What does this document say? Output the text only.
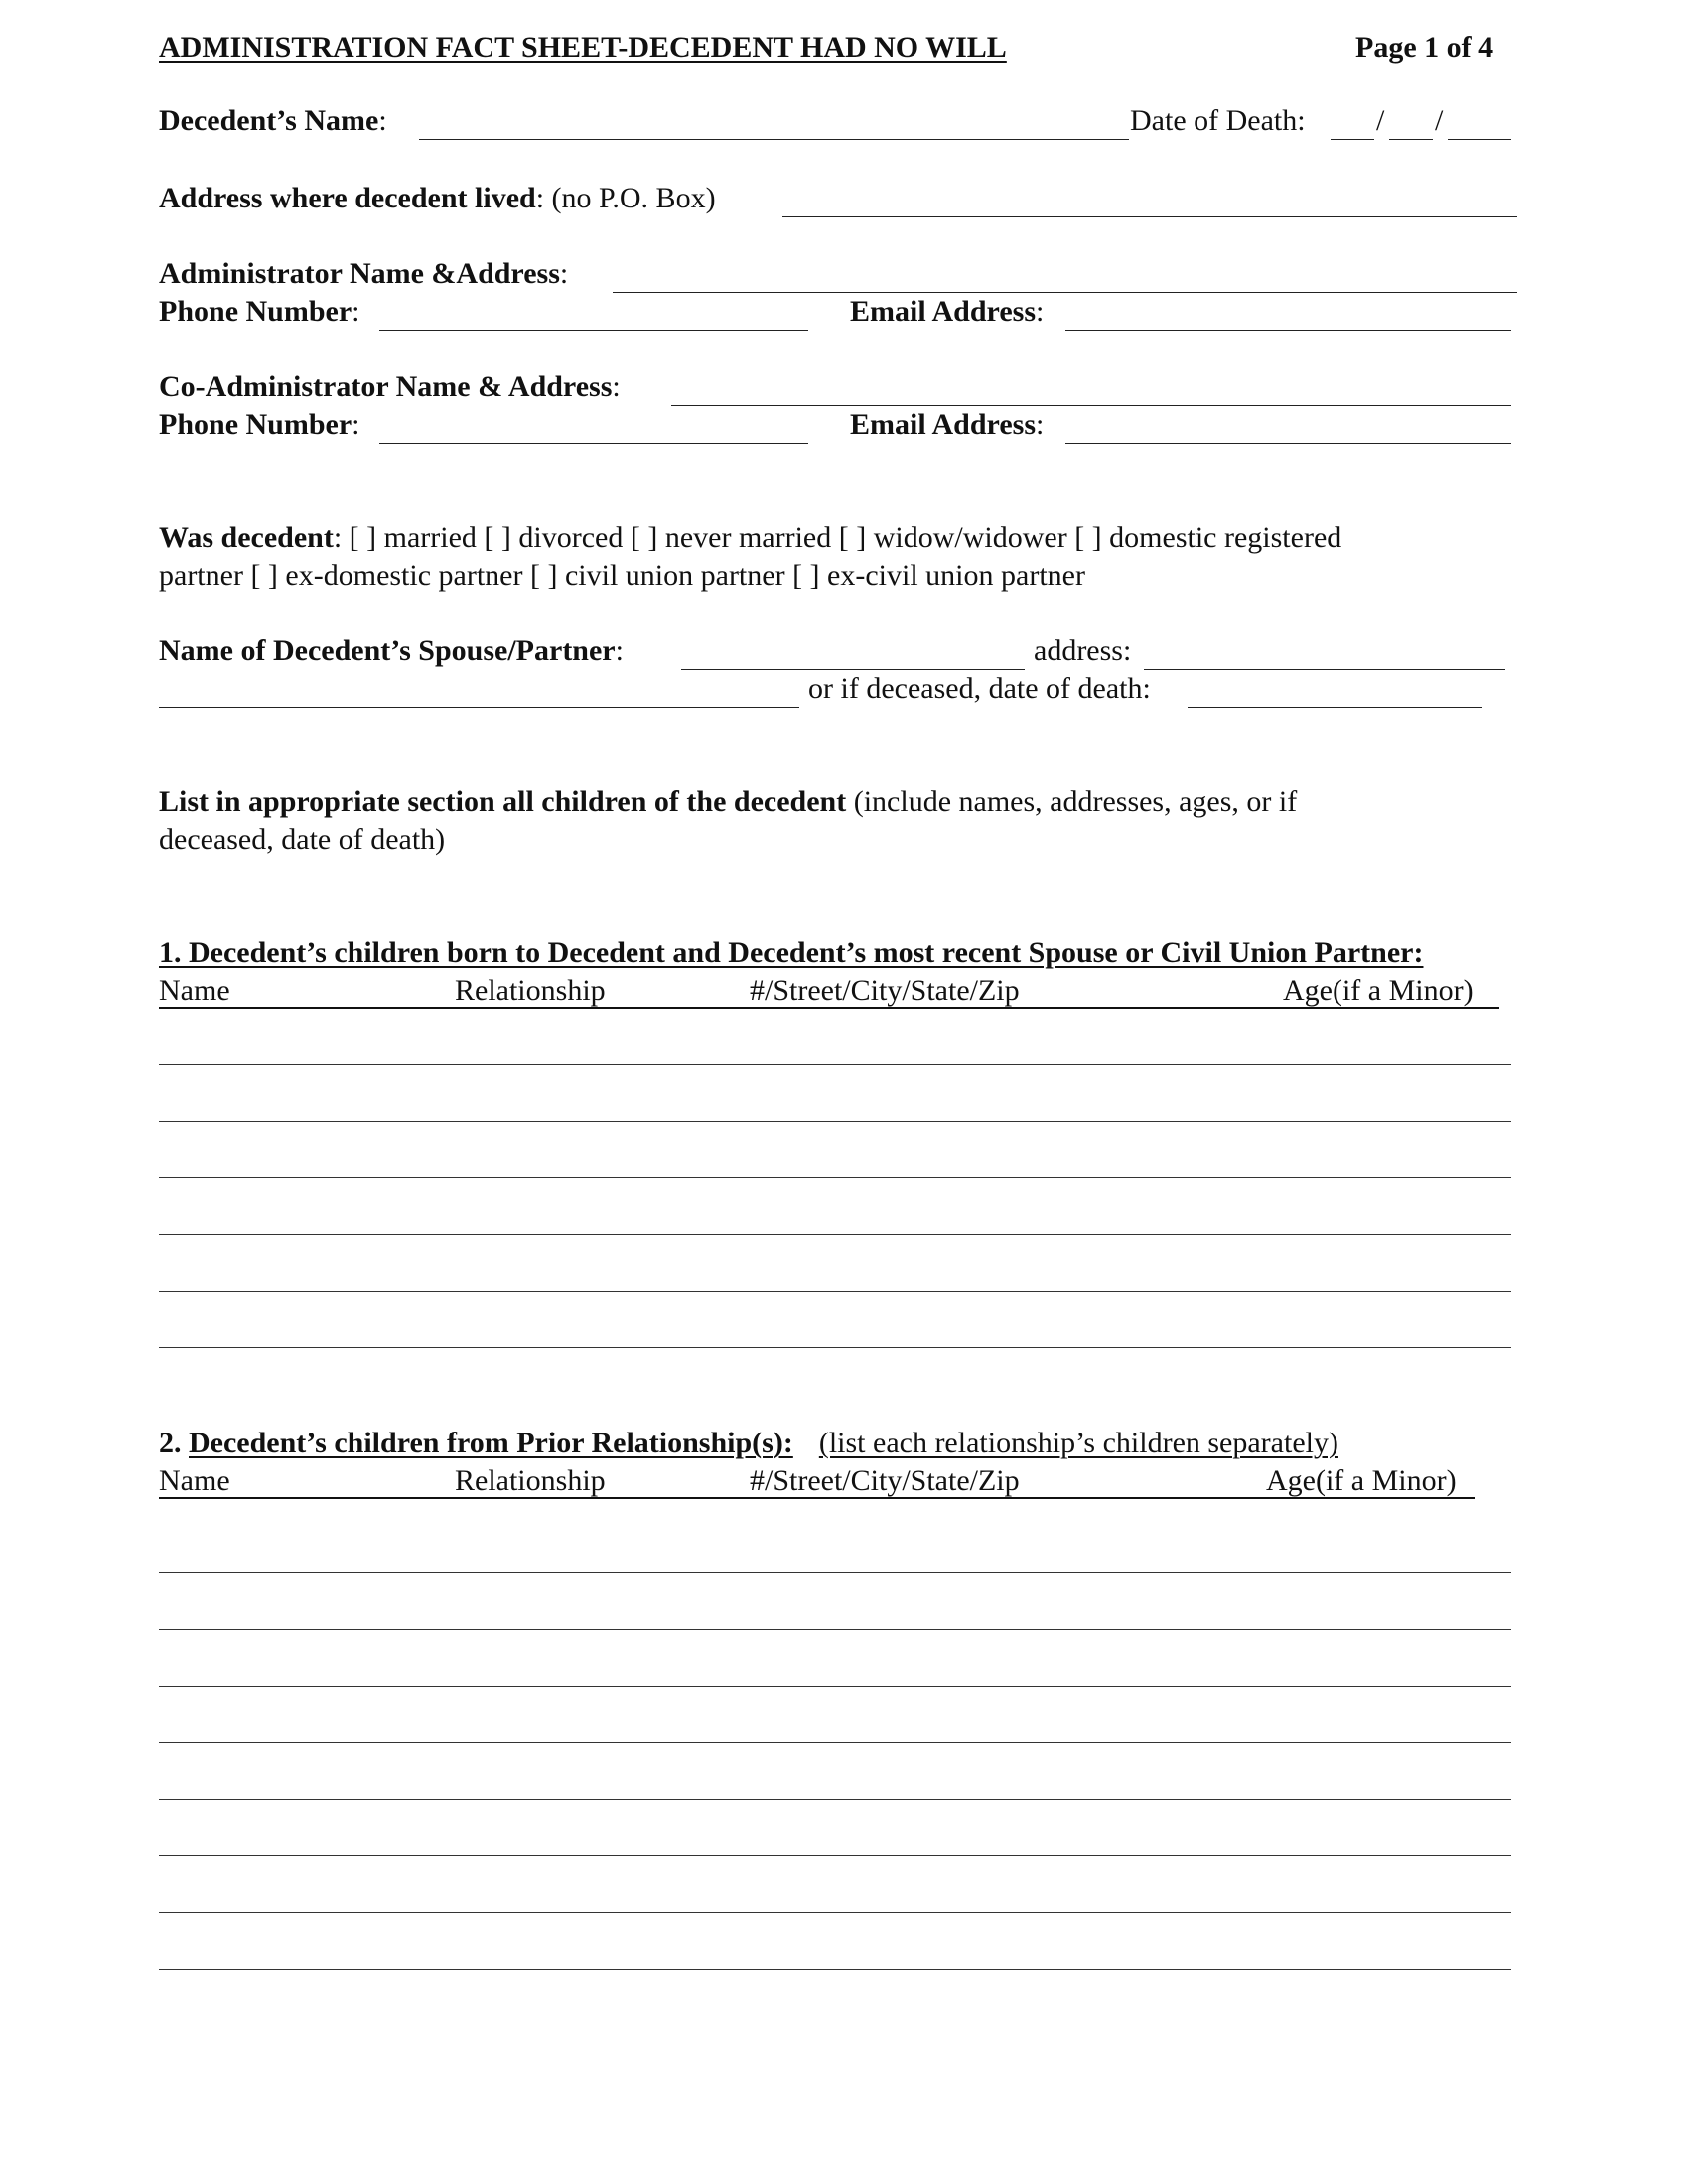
ADMINISTRATION FACT SHEET-DECEDENT HAD NO WILL	Page 1 of 4
Decedent’s Name:	Date of Death: / /
Address where decedent lived: (no P.O. Box)
Administrator Name &Address:
Phone Number:	Email Address:
Co-Administrator Name & Address:
Phone Number:	Email Address:
Was decedent: [ ] married [ ] divorced [ ] never married [ ] widow/widower [ ] domestic registered
partner [ ] ex-domestic partner [ ] civil union partner [ ] ex-civil union partner
Name of Decedent’s Spouse/Partner:	address:
or if deceased, date of death:
List in appropriate section all children of the decedent (include names, addresses, ages, or if
deceased, date of death)
1. Decedent’s children born to Decedent and Decedent’s most recent Spouse or Civil Union Partner:
Name	Relationship	#/Street/City/State/Zip	Age(if a Minor)
2. Decedent’s children from Prior Relationship(s): (list each relationship’s children separately)
Name	Relationship	#/Street/City/State/Zip	Age(if a Minor)
